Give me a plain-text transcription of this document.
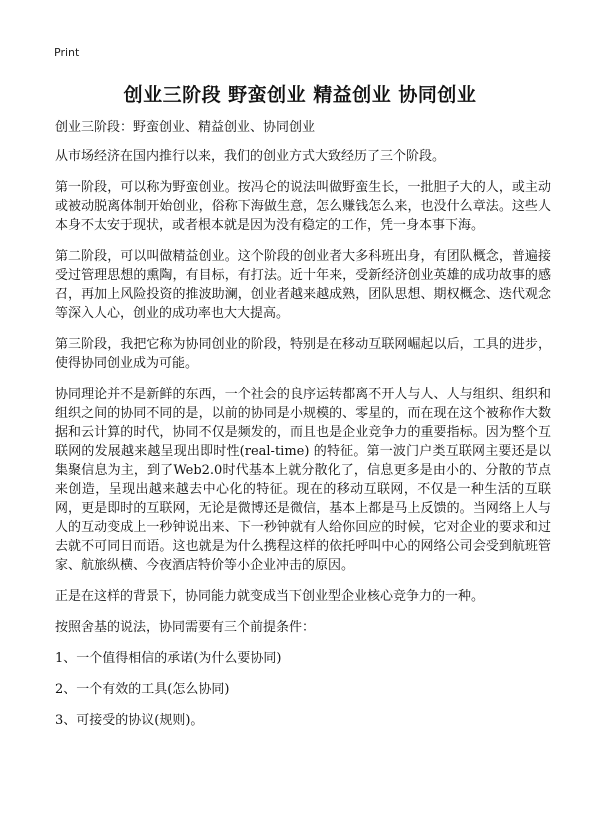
Print
创业三阶段 野蛮创业 精益创业 协同创业

创业三阶段：野蛮创业、精益创业、协同创业

从市场经济在国内推行以来，我们的创业方式大致经历了三个阶段。

第一阶段，可以称为野蛮创业。按冯仑的说法叫做野蛮生长，一批胆子大的人，或主动或被动脱离体制开始创业，俗称下海做生意，怎么赚钱怎么来，也没什么章法。这些人本身不太安于现状，或者根本就是因为没有稳定的工作，凭一身本事下海。

第二阶段，可以叫做精益创业。这个阶段的创业者大多科班出身，有团队概念，普遍接受过管理思想的熏陶，有目标，有打法。近十年来，受新经济创业英雄的成功故事的感召，再加上风险投资的推波助澜，创业者越来越成熟，团队思想、期权概念、迭代观念等深入人心，创业的成功率也大大提高。

第三阶段，我把它称为协同创业的阶段，特别是在移动互联网崛起以后，工具的进步，使得协同创业成为可能。

协同理论并不是新鲜的东西，一个社会的良序运转都离不开人与人、人与组织、组织和组织之间的协同不同的是，以前的协同是小规模的、零星的，而在现在这个被称作大数据和云计算的时代，协同不仅是频发的，而且也是企业竞争力的重要指标。因为整个互联网的发展越来越呈现出即时性(real-time) 的特征。第一波门户类互联网主要还是以集聚信息为主，到了Web2.0时代基本上就分散化了，信息更多是由小的、分散的节点来创造，呈现出越来越去中心化的特征。现在的移动互联网，不仅是一种生活的互联网，更是即时的互联网，无论是微博还是微信，基本上都是马上反馈的。当网络上人与人的互动变成上一秒钟说出来、下一秒钟就有人给你回应的时候，它对企业的要求和过去就不可同日而语。这也就是为什么携程这样的依托呼叫中心的网络公司会受到航班管家、航旅纵横、今夜酒店特价等小企业冲击的原因。

正是在这样的背景下，协同能力就变成当下创业型企业核心竞争力的一种。

按照舍基的说法，协同需要有三个前提条件：

1、一个值得相信的承诺(为什么要协同)

2、一个有效的工具(怎么协同)

3、可接受的协议(规则)。
